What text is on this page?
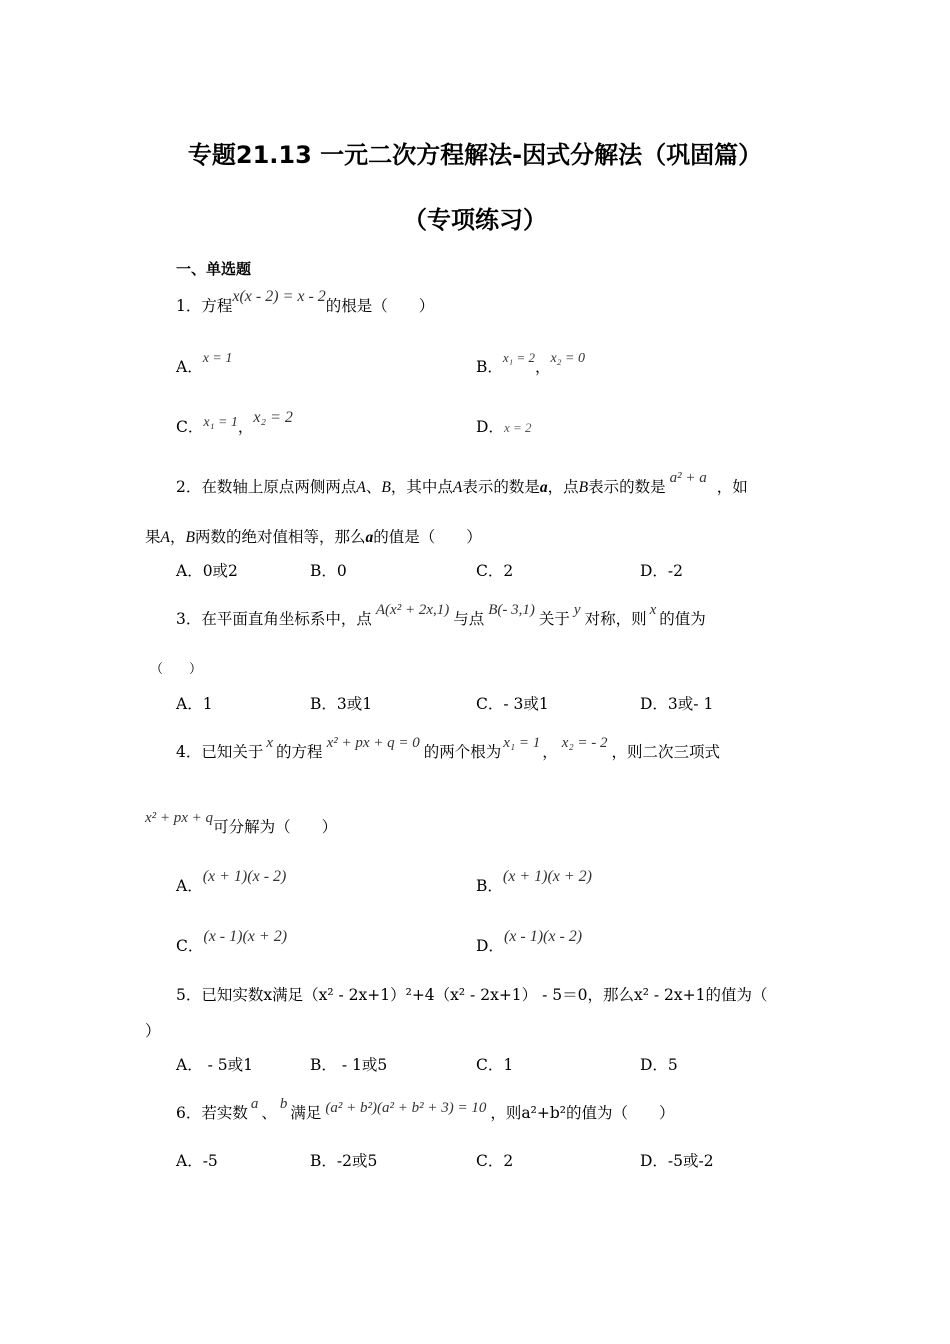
专题21.13 一元二次方程解法-因式分解法（巩固篇）
（专项练习）
一、单选题
1．方程x(x - 2) = x - 2的根是（　　）
A．x = 1	B．$^{x_1 = 2}$，x₂ = 0
C．x₁ = 1，x₂ = 2
D．x = 2
2．在数轴上原点两侧两点A、B，其中点A表示的数是a，点B表示的数是 a² + a ，如
果A，B两数的绝对值相等，那么a的值是（　　）
A．0或2	B．0	C．2	D．-2
3．在平面直角坐标系中，点 A(x² + 2x,1) 与点 B(- 3,1) 关于 y 对称，则 x 的值为
（　　）
A．1	B．3或1	C．- 3或1	D．3或- 1
4．已知关于 x 的方程 x² + px + q = 0 的两个根为 x₁ = 1 ， x₂ = - 2 ，则二次三项式
x² + px + q可分解为（　　）
A．(x + 1)(x - 2)
B．(x + 1)(x + 2)
C．(x - 1)(x + 2)
D．(x - 1)(x - 2)
5．已知实数x满足（x² - 2x+1）²+4（x² - 2x+1） - 5＝0，那么x² - 2x+1的值为（
）
A． - 5或1	B． - 1或5	C．1	D．5
6．若实数 a 、 b 满足 (a² + b²)(a² + b² + 3) = 10 ，则a²+b²的值为（　　）
A．-5	B．-2或5	C．2	D．-5或-2
